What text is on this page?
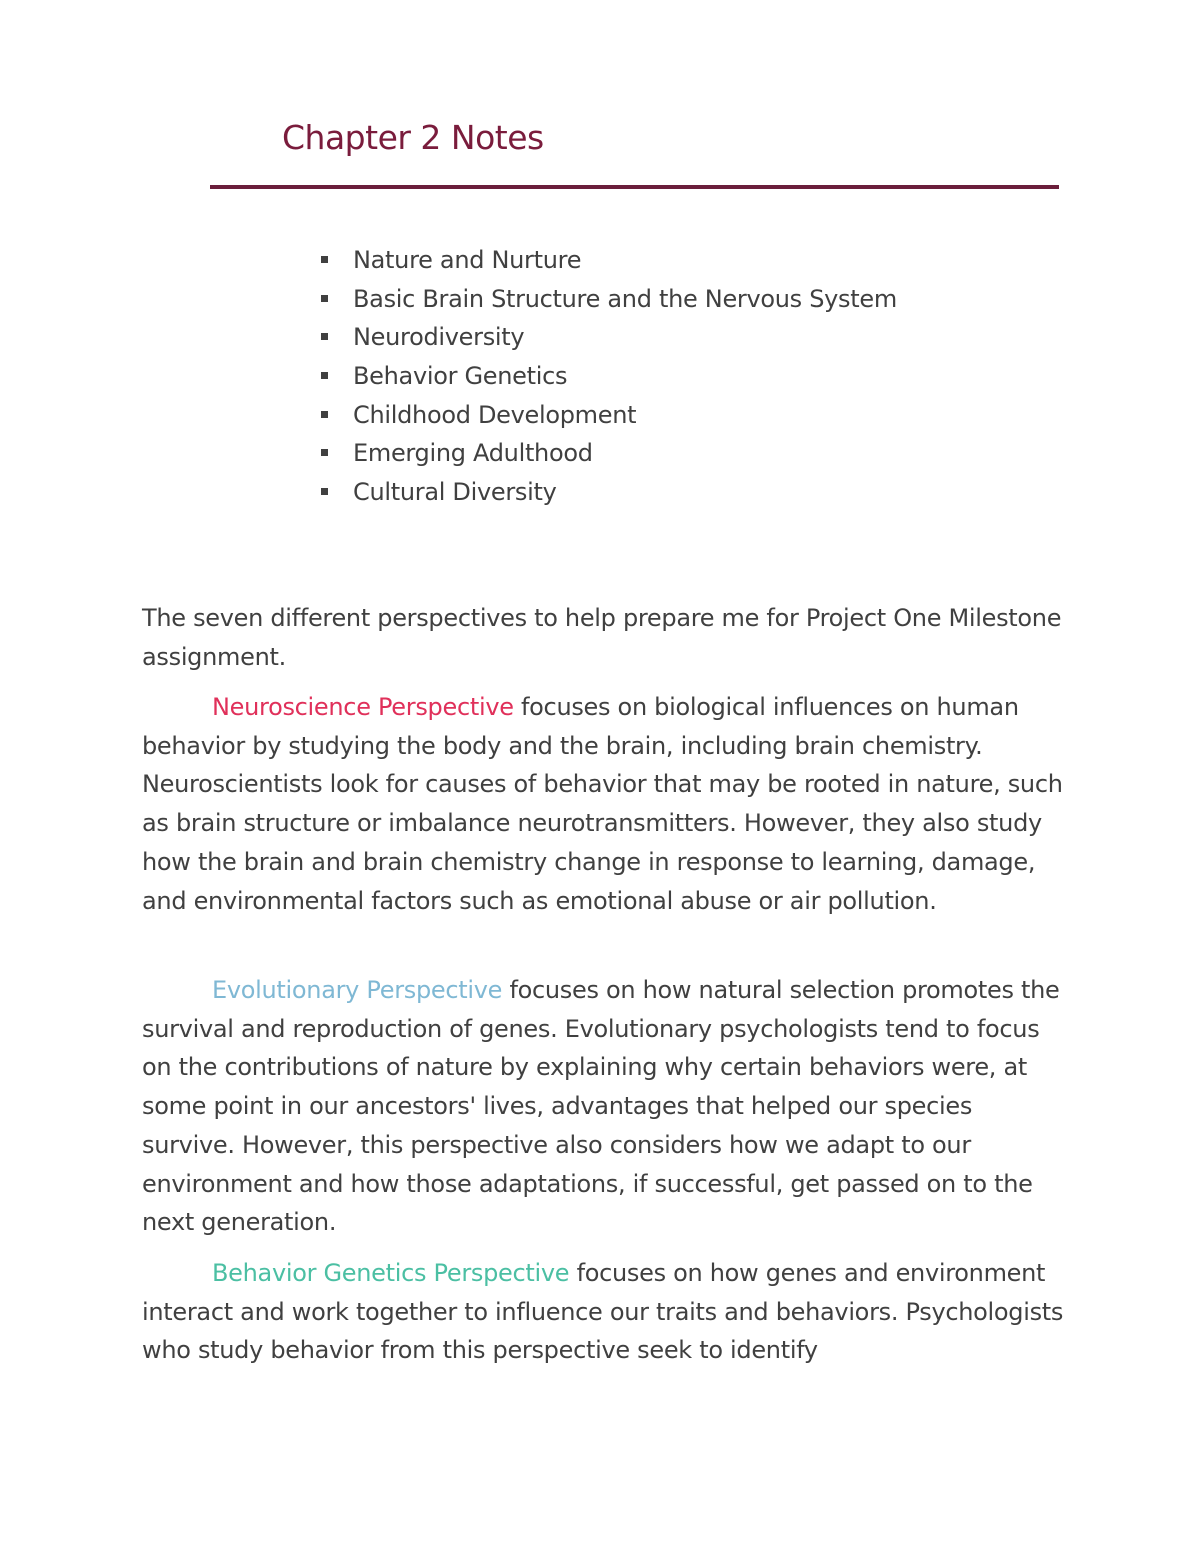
Chapter 2 Notes
Nature and Nurture
Basic Brain Structure and the Nervous System
Neurodiversity
Behavior Genetics
Childhood Development
Emerging Adulthood
Cultural Diversity

The seven different perspectives to help prepare me for Project One Milestone assignment.

Neuroscience Perspective focuses on biological influences on human behavior by studying the body and the brain, including brain chemistry. Neuroscientists look for causes of behavior that may be rooted in nature, such as brain structure or imbalance neurotransmitters. However, they also study how the brain and brain chemistry change in response to learning, damage, and environmental factors such as emotional abuse or air pollution.

Evolutionary Perspective focuses on how natural selection promotes the survival and reproduction of genes. Evolutionary psychologists tend to focus on the contributions of nature by explaining why certain behaviors were, at some point in our ancestors' lives, advantages that helped our species survive. However, this perspective also considers how we adapt to our environment and how those adaptations, if successful, get passed on to the next generation.

Behavior Genetics Perspective focuses on how genes and environment interact and work together to influence our traits and behaviors. Psychologists who study behavior from this perspective seek to identify
